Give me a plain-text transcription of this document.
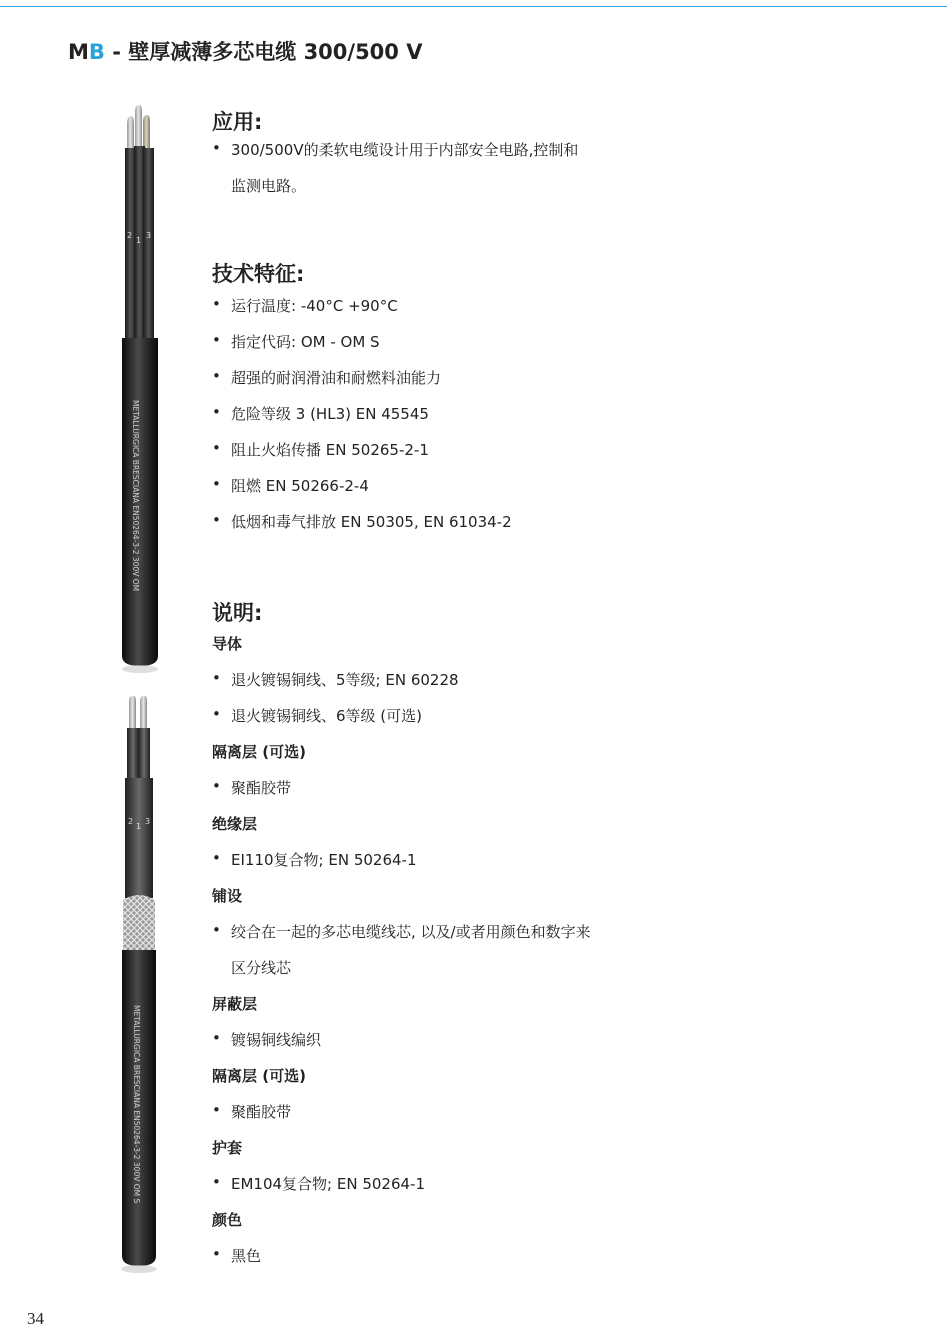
MB - 壁厚减薄多芯电缆 300/500 V
2
1
3
METALLURGICA BRESCIANA EN50264-3-2 300V OM
2
1
3
METALLURGICA BRESCIANA EN50264-3-2 300V OM S
应用:
• 300/500V的柔软电缆设计用于内部安全电路,控制和
监测电路。
技术特征:
• 运行温度: -40°C +90°C
• 指定代码: OM - OM S
• 超强的耐润滑油和耐燃料油能力
• 危险等级 3 (HL3) EN 45545
• 阻止火焰传播 EN 50265-2-1
• 阻燃 EN 50266-2-4
• 低烟和毒气排放 EN 50305, EN 61034-2
说明:
导体
• 退火镀锡铜线、5等级; EN 60228
• 退火镀锡铜线、6等级 (可选)
隔离层 (可选)
• 聚酯胶带
绝缘层
• EI110复合物; EN 50264-1
铺设
• 绞合在一起的多芯电缆线芯, 以及/或者用颜色和数字来
区分线芯
屏蔽层
• 镀锡铜线编织
隔离层 (可选)
• 聚酯胶带
护套
• EM104复合物; EN 50264-1
颜色
• 黑色
34
